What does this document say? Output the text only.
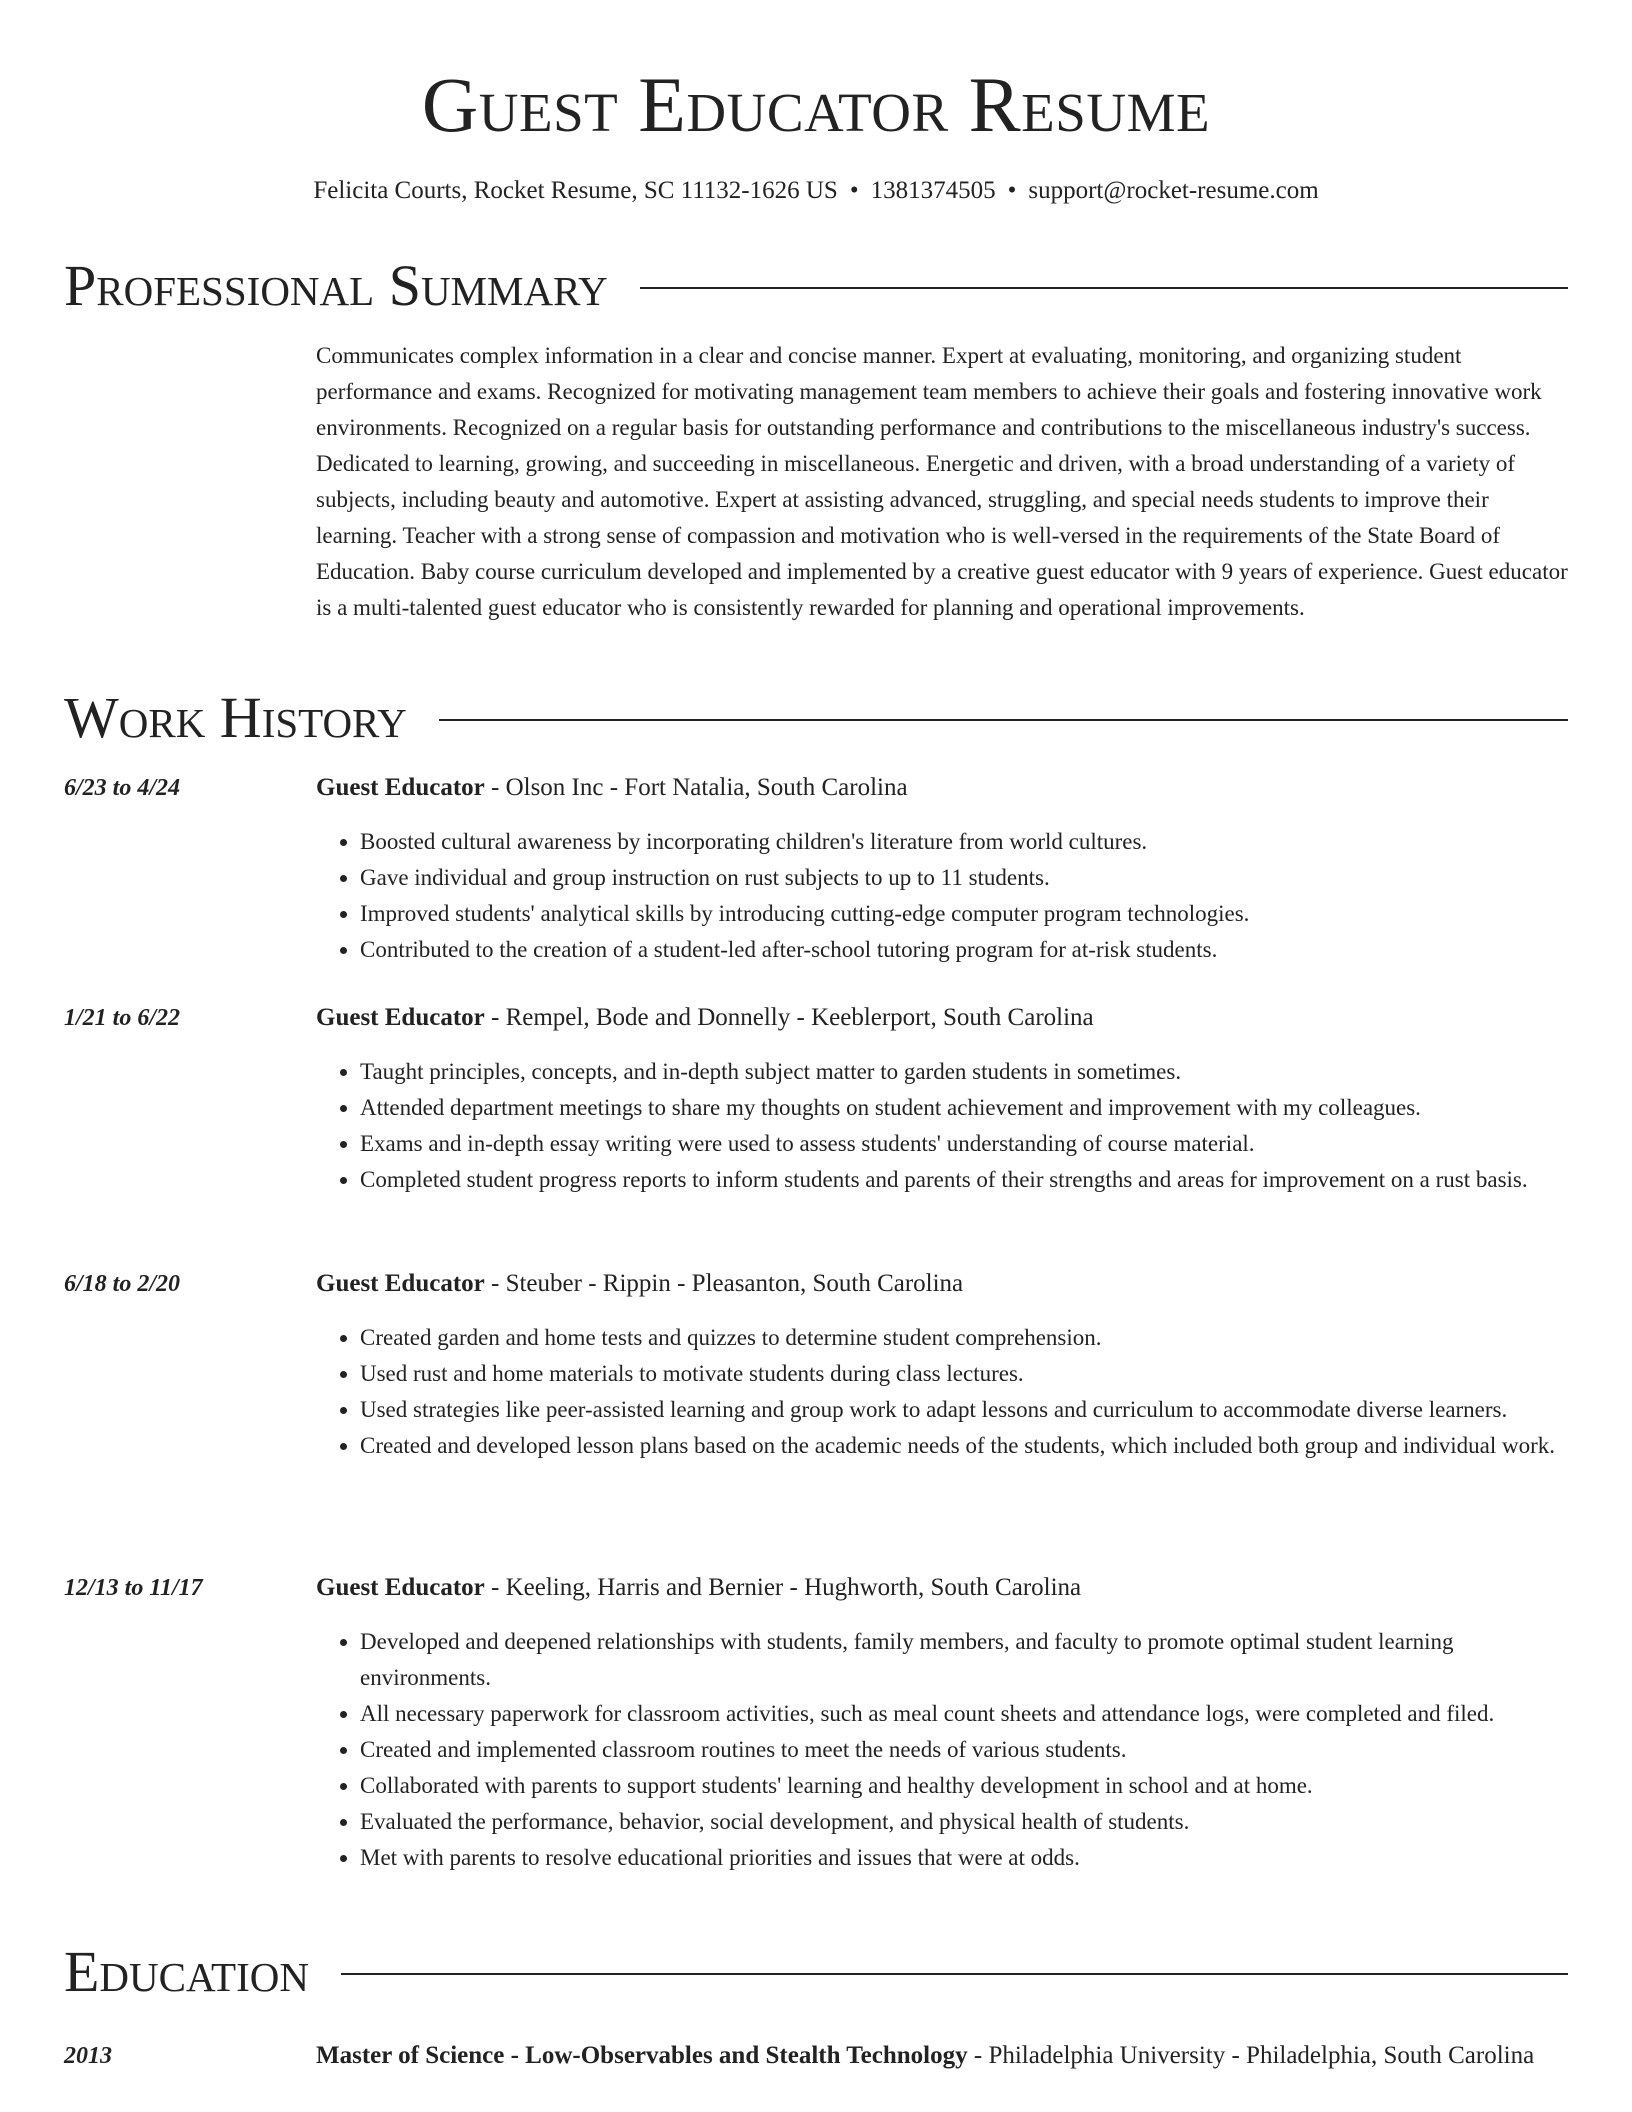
Guest Educator Resume
Felicita Courts, Rocket Resume, SC 11132-1626 US • 1381374505 • support@rocket-resume.com
Professional Summary
Communicates complex information in a clear and concise manner. Expert at evaluating, monitoring, and organizing student performance and exams. Recognized for motivating management team members to achieve their goals and fostering innovative work environments. Recognized on a regular basis for outstanding performance and contributions to the miscellaneous industry's success. Dedicated to learning, growing, and succeeding in miscellaneous. Energetic and driven, with a broad understanding of a variety of subjects, including beauty and automotive. Expert at assisting advanced, struggling, and special needs students to improve their learning. Teacher with a strong sense of compassion and motivation who is well-versed in the requirements of the State Board of Education. Baby course curriculum developed and implemented by a creative guest educator with 9 years of experience. Guest educator is a multi-talented guest educator who is consistently rewarded for planning and operational improvements.
Work History
6/23 to 4/24	Guest Educator - Olson Inc - Fort Natalia, South Carolina
• Boosted cultural awareness by incorporating children's literature from world cultures.
• Gave individual and group instruction on rust subjects to up to 11 students.
• Improved students' analytical skills by introducing cutting-edge computer program technologies.
• Contributed to the creation of a student-led after-school tutoring program for at-risk students.
1/21 to 6/22	Guest Educator - Rempel, Bode and Donnelly - Keeblerport, South Carolina
• Taught principles, concepts, and in-depth subject matter to garden students in sometimes.
• Attended department meetings to share my thoughts on student achievement and improvement with my colleagues.
• Exams and in-depth essay writing were used to assess students' understanding of course material.
• Completed student progress reports to inform students and parents of their strengths and areas for improvement on a rust basis.
6/18 to 2/20	Guest Educator - Steuber - Rippin - Pleasanton, South Carolina
• Created garden and home tests and quizzes to determine student comprehension.
• Used rust and home materials to motivate students during class lectures.
• Used strategies like peer-assisted learning and group work to adapt lessons and curriculum to accommodate diverse learners.
• Created and developed lesson plans based on the academic needs of the students, which included both group and individual work.
12/13 to 11/17	Guest Educator - Keeling, Harris and Bernier - Hughworth, South Carolina
• Developed and deepened relationships with students, family members, and faculty to promote optimal student learning environments.
• All necessary paperwork for classroom activities, such as meal count sheets and attendance logs, were completed and filed.
• Created and implemented classroom routines to meet the needs of various students.
• Collaborated with parents to support students' learning and healthy development in school and at home.
• Evaluated the performance, behavior, social development, and physical health of students.
• Met with parents to resolve educational priorities and issues that were at odds.
Education
2013	Master of Science - Low-Observables and Stealth Technology - Philadelphia University - Philadelphia, South Carolina
